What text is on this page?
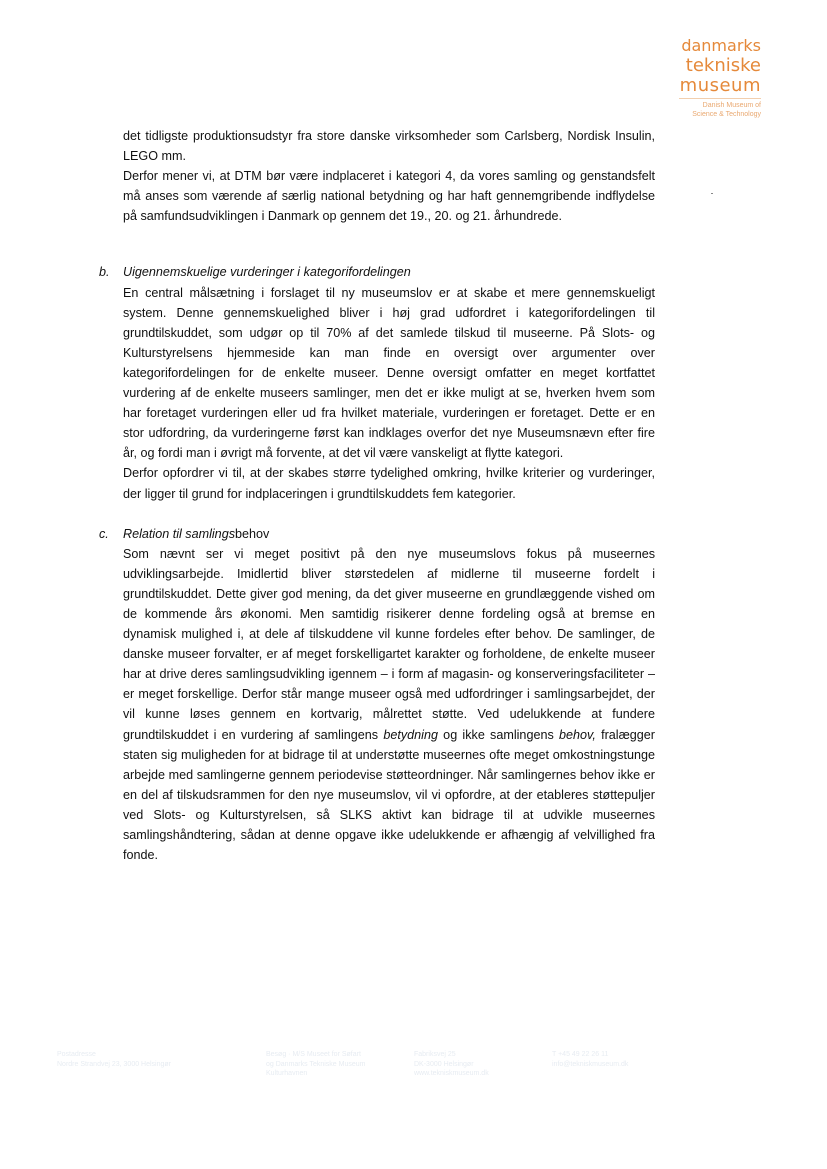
danmarks
tekniske
museum
Danish Museum of
Science & Technology

det tidligste produktionsudstyr fra store danske virksomheder som Carlsberg, Nordisk Insulin, LEGO mm.

Derfor mener vi, at DTM bør være indplaceret i kategori 4, da vores samling og genstandsfelt må anses som værende af særlig national betydning og har haft gennemgribende indflydelse på samfundsudviklingen i Danmark op gennem det 19., 20. og 21. århundrede.

b. Uigennemskuelige vurderinger i kategorifordelingen

En central målsætning i forslaget til ny museumslov er at skabe et mere gennemskueligt system. Denne gennemskuelighed bliver i høj grad udfordret i kategorifordelingen til grundtilskuddet, som udgør op til 70% af det samlede tilskud til museerne. På Slots- og Kulturstyrelsens hjemmeside kan man finde en oversigt over argumenter over kategorifordelingen for de enkelte museer. Denne oversigt omfatter en meget kortfattet vurdering af de enkelte museers samlinger, men det er ikke muligt at se, hverken hvem som har foretaget vurderingen eller ud fra hvilket materiale, vurderingen er foretaget. Dette er en stor udfordring, da vurderingerne først kan indklages overfor det nye Museumsnævn efter fire år, og fordi man i øvrigt må forvente, at det vil være vanskeligt at flytte kategori.

Derfor opfordrer vi til, at der skabes større tydelighed omkring, hvilke kriterier og vurderinger, der ligger til grund for indplaceringen i grundtilskuddets fem kategorier.

c. Relation til samlingsbehov

Som nævnt ser vi meget positivt på den nye museumslovs fokus på museernes udviklingsarbejde. Imidlertid bliver størstedelen af midlerne til museerne fordelt i grundtilskuddet. Dette giver god mening, da det giver museerne en grundlæggende vished om de kommende års økonomi. Men samtidig risikerer denne fordeling også at bremse en dynamisk mulighed i, at dele af tilskuddene vil kunne fordeles efter behov. De samlinger, de danske museer forvalter, er af meget forskelligartet karakter og forholdene, de enkelte museer har at drive deres samlingsudvikling igennem – i form af magasin- og konserveringsfaciliteter – er meget forskellige. Derfor står mange museer også med udfordringer i samlingsarbejdet, der vil kunne løses gennem en kortvarig, målrettet støtte. Ved udelukkende at fundere grundtilskuddet i en vurdering af samlingens betydning og ikke samlingens behov, fralægger staten sig muligheden for at bidrage til at understøtte museernes ofte meget omkostningstunge arbejde med samlingerne gennem periodevise støtteordninger. Når samlingernes behov ikke er en del af tilskudsrammen for den nye museumslov, vil vi opfordre, at der etableres støttepuljer ved Slots- og Kulturstyrelsen, så SLKS aktivt kan bidrage til at udvikle museernes samlingshåndtering, sådan at denne opgave ikke udelukkende er afhængig af velvillighed fra fonde.

Postadresse
Nordre Strandvej 23, 3000 Helsingør
Besøg · M/S Museet for Søfart
og Danmarks Tekniske Museum
Kulturhavnen
Fabriksvej 25
DK-3000 Helsingør
www.tekniskmuseum.dk
T +45 49 22 26 11
info@tekniskmuseum.dk
